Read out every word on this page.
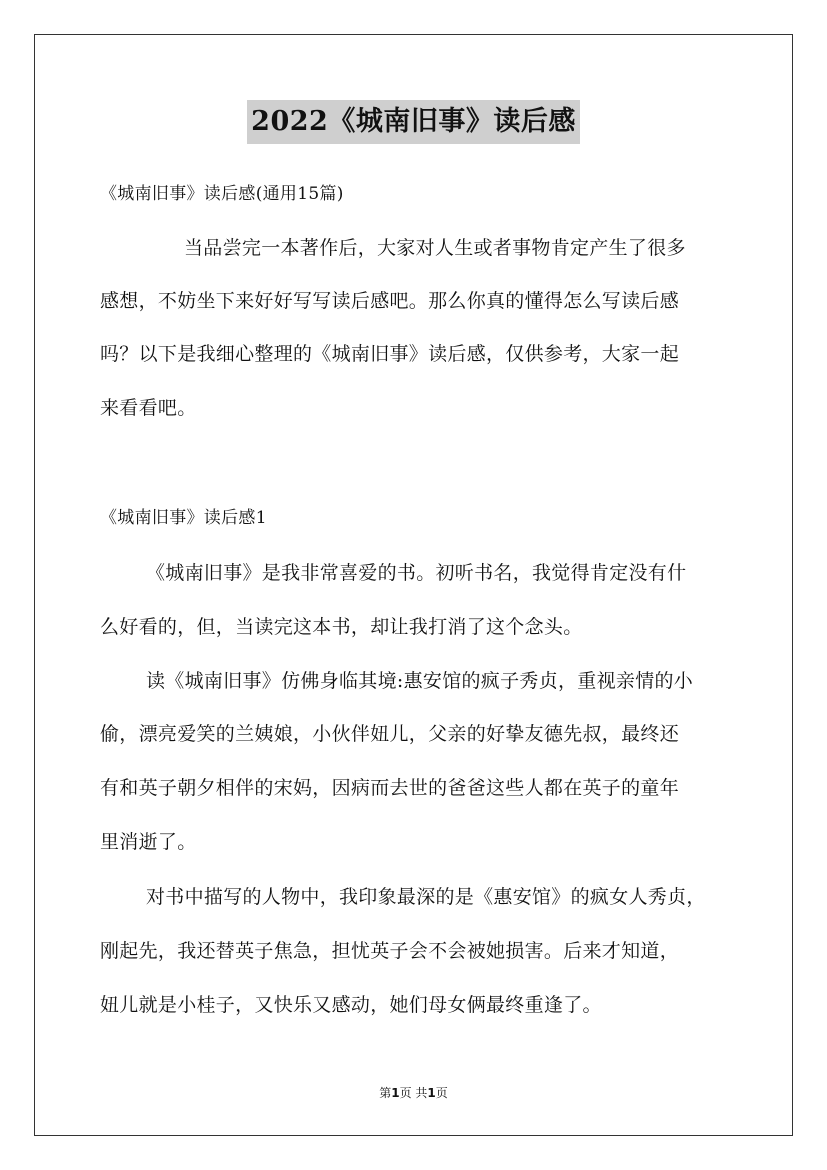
2022《城南旧事》读后感
《城南旧事》读后感(通用15篇)
当品尝完一本著作后，大家对人生或者事物肯定产生了很多
感想，不妨坐下来好好写写读后感吧。那么你真的懂得怎么写读后感
吗？以下是我细心整理的《城南旧事》读后感，仅供参考，大家一起
来看看吧。
《城南旧事》读后感1
《城南旧事》是我非常喜爱的书。初听书名，我觉得肯定没有什
么好看的，但，当读完这本书，却让我打消了这个念头。
读《城南旧事》仿佛身临其境:惠安馆的疯子秀贞，重视亲情的小
偷，漂亮爱笑的兰姨娘，小伙伴妞儿，父亲的好挚友德先叔，最终还
有和英子朝夕相伴的宋妈，因病而去世的爸爸这些人都在英子的童年
里消逝了。
对书中描写的人物中，我印象最深的是《惠安馆》的疯女人秀贞，
刚起先，我还替英子焦急，担忧英子会不会被她损害。后来才知道，
妞儿就是小桂子，又快乐又感动，她们母女俩最终重逢了。
第1页 共1页
